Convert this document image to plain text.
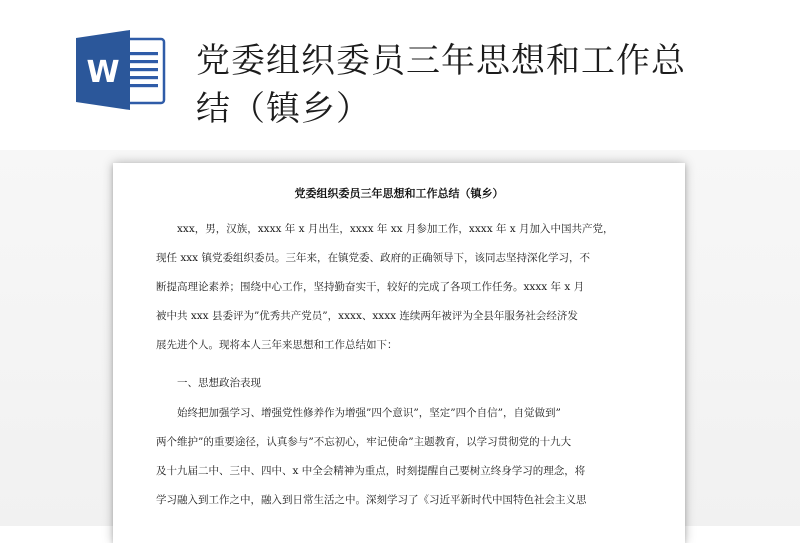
W 党委组织委员三年思想和工作总
结（镇乡）
党委组织委员三年思想和工作总结（镇乡）
xxx，男，汉族，xxxx 年 x 月出生，xxxx 年 xx 月参加工作，xxxx 年 x 月加入中国共产党，
现任 xxx 镇党委组织委员。三年来，在镇党委、政府的正确领导下，该同志坚持深化学习，不
断提高理论素养；围绕中心工作，坚持勤奋实干，较好的完成了各项工作任务。xxxx 年 x 月
被中共 xxx 县委评为”优秀共产党员”，xxxx、xxxx 连续两年被评为全县年服务社会经济发
展先进个人。现将本人三年来思想和工作总结如下：
一、思想政治表现
始终把加强学习、增强党性修养作为增强”四个意识”，坚定”四个自信”，自觉做到”
两个维护”的重要途径，认真参与”不忘初心，牢记使命”主题教育，以学习贯彻党的十九大
及十九届二中、三中、四中、x 中全会精神为重点，时刻提醒自己要树立终身学习的理念，将
学习融入到工作之中，融入到日常生活之中。深刻学习了《习近平新时代中国特色社会主义思
